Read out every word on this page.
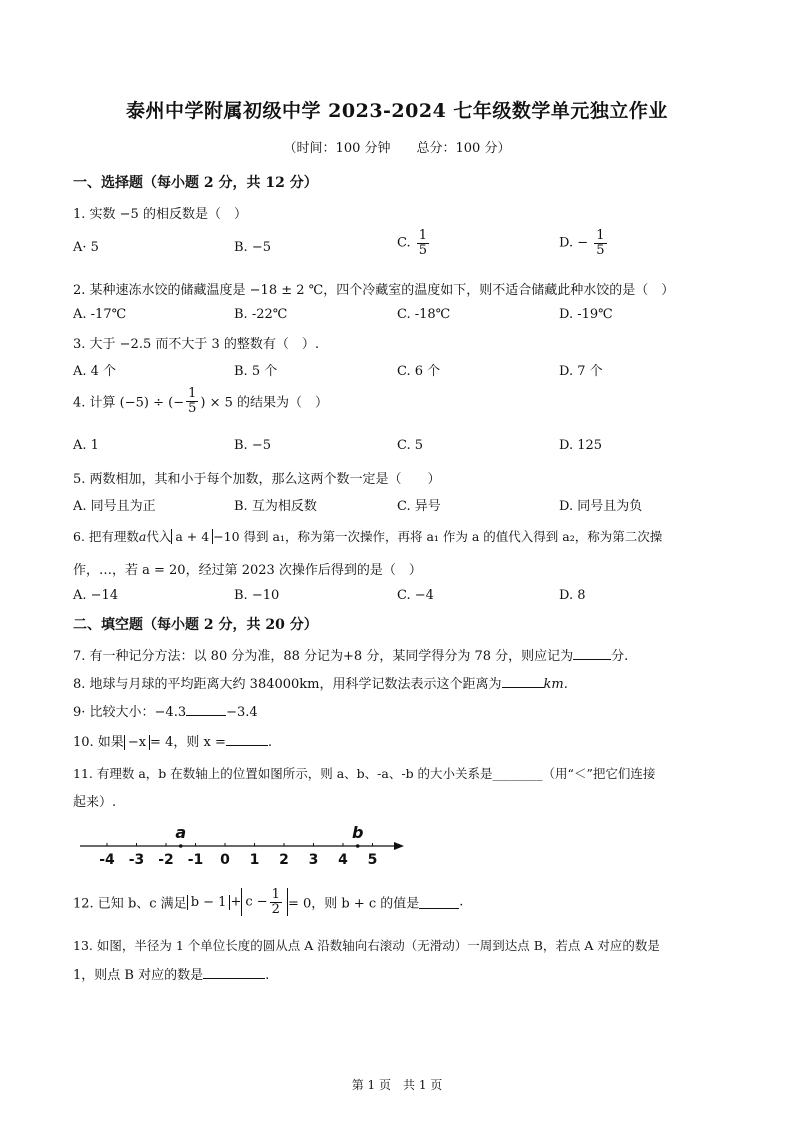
泰州中学附属初级中学 2023-2024 七年级数学单元独立作业
（时间：100 分钟　　总分：100 分）
一、选择题（每小题 2 分，共 12 分）
1. 实数 −5 的相反数是（　）
A· 5	B. −5	C. $\frac{1}{5}$	D. − $\frac{1}{5}$
2. 某种速冻水饺的储藏温度是 −18 ± 2 ℃，四个冷藏室的温度如下，则不适合储藏此种水饺的是（　）
A. -17℃	B. -22℃	C. -18℃	D. -19℃
3. 大于 −2.5 而不大于 3 的整数有（　）.
A. 4 个	B. 5 个	C. 6 个	D. 7 个
4. 计算 (−5) ÷ (− $\frac{1}{5}$ ) × 5 的结果为（　）
A. 1	B. −5	C. 5	D. 125
5. 两数相加，其和小于每个加数，那么这两个数一定是（　　）
A. 同号且为正	B. 互为相反数	C. 异号	D. 同号且为负
6. 把有理数a代入 a + 4 −10 得到 a₁，称为第一次操作，再将 a₁ 作为 a 的值代入得到 a₂，称为第二次操
作，…，若 a = 20，经过第 2023 次操作后得到的是（　）
A. −14	B. −10	C. −4	D. 8
二、填空题（每小题 2 分，共 20 分）
7. 有一种记分方法：以 80 分为准，88 分记为+8 分，某同学得分为 78 分，则应记为	分.
8. 地球与月球的平均距离大约 384000km，用科学记数法表示这个距离为	km.
9· 比较大小：−4.3	−3.4
10. 如果 −x = 4，则 x =	.
11. 有理数 a，b 在数轴上的位置如图所示，则 a、b、-a、-b 的大小关系是________（用“＜”把它们连接
起来）.
-4 -3 -2 -1 0 1 2 3 4 5
a	b
12. 已知 b、c 满足 $b - 1 + c - \frac{1}{2} = 0$，则 b + c 的值是	.
13. 如图，半径为 1 个单位长度的圆从点 A 沿数轴向右滚动（无滑动）一周到达点 B，若点 A 对应的数是
1，则点 B 对应的数是	.
第 1 页　共 1 页
